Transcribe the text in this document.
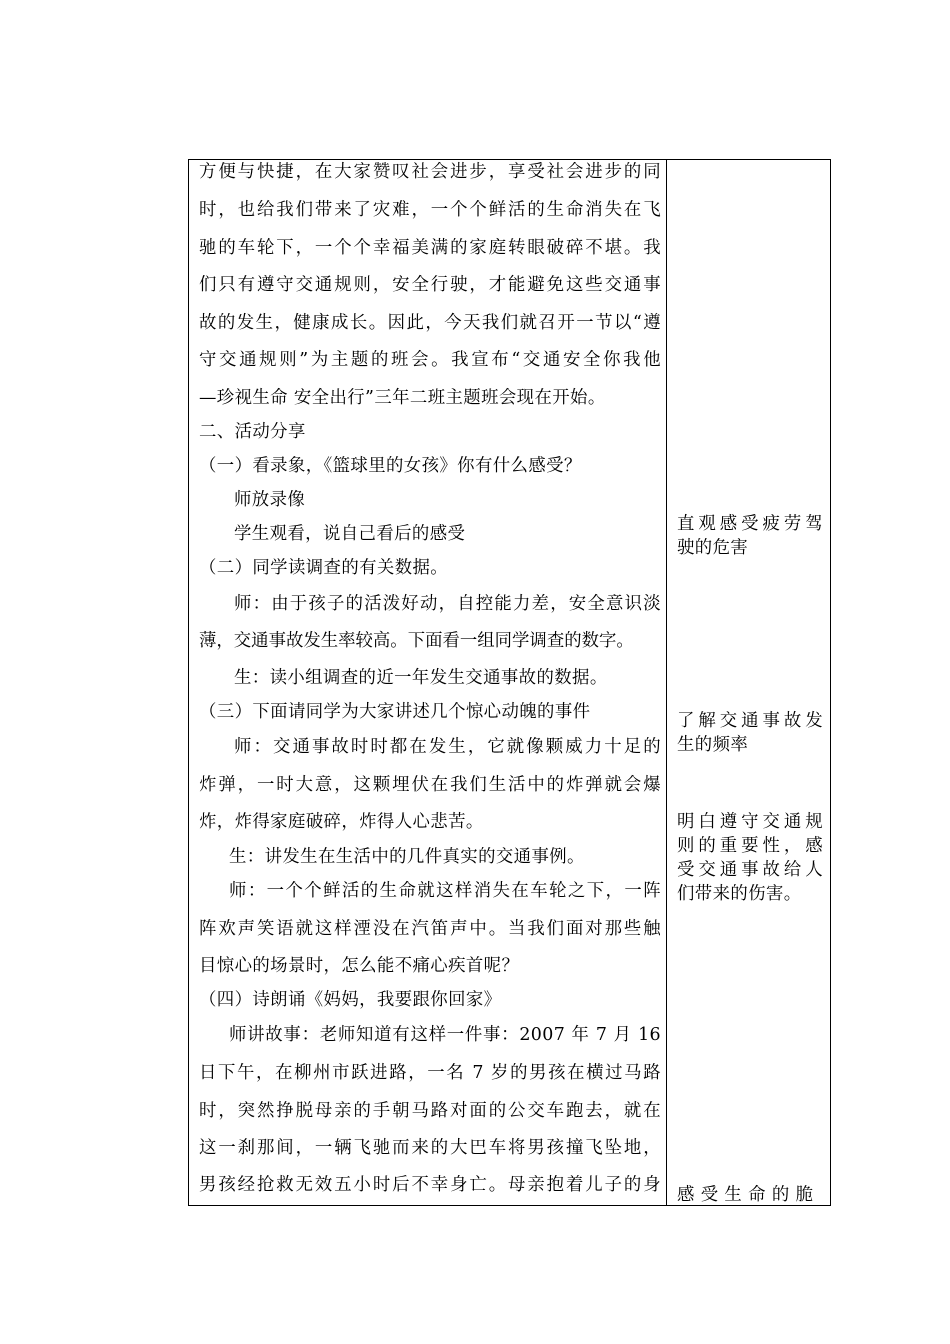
方便与快捷，在大家赞叹社会进步，享受社会进步的同
时，也给我们带来了灾难，一个个鲜活的生命消失在飞
驰的车轮下，一个个幸福美满的家庭转眼破碎不堪。我
们只有遵守交通规则，安全行驶，才能避免这些交通事
故的发生，健康成长。因此，今天我们就召开一节以“遵
守交通规则”为主题的班会。我宣布“交通安全你我他
—珍视生命 安全出行”三年二班主题班会现在开始。
二、活动分享
（一）看录象，《篮球里的女孩》你有什么感受？
师放录像
学生观看，说自己看后的感受
（二）同学读调查的有关数据。
师：由于孩子的活泼好动，自控能力差，安全意识淡
薄，交通事故发生率较高。下面看一组同学调查的数字。
生：读小组调查的近一年发生交通事故的数据。
（三）下面请同学为大家讲述几个惊心动魄的事件
师：交通事故时时都在发生，它就像颗威力十足的
炸弹，一时大意，这颗埋伏在我们生活中的炸弹就会爆
炸，炸得家庭破碎，炸得人心悲苦。
生：讲发生在生活中的几件真实的交通事例。
师：一个个鲜活的生命就这样消失在车轮之下，一阵
阵欢声笑语就这样湮没在汽笛声中。当我们面对那些触
目惊心的场景时，怎么能不痛心疾首呢？
（四）诗朗诵《妈妈，我要跟你回家》
师讲故事：老师知道有这样一件事：2007 年 7 月 16
日下午，在柳州市跃进路，一名 7 岁的男孩在横过马路
时，突然挣脱母亲的手朝马路对面的公交车跑去，就在
这一刹那间，一辆飞驰而来的大巴车将男孩撞飞坠地，
男孩经抢救无效五小时后不幸身亡。母亲抱着儿子的身
直观感受疲劳驾
驶的危害
了解交通事故发
生的频率
明白遵守交通规
则的重要性，感
受交通事故给人
们带来的伤害。
感 受 生 命 的 脆
